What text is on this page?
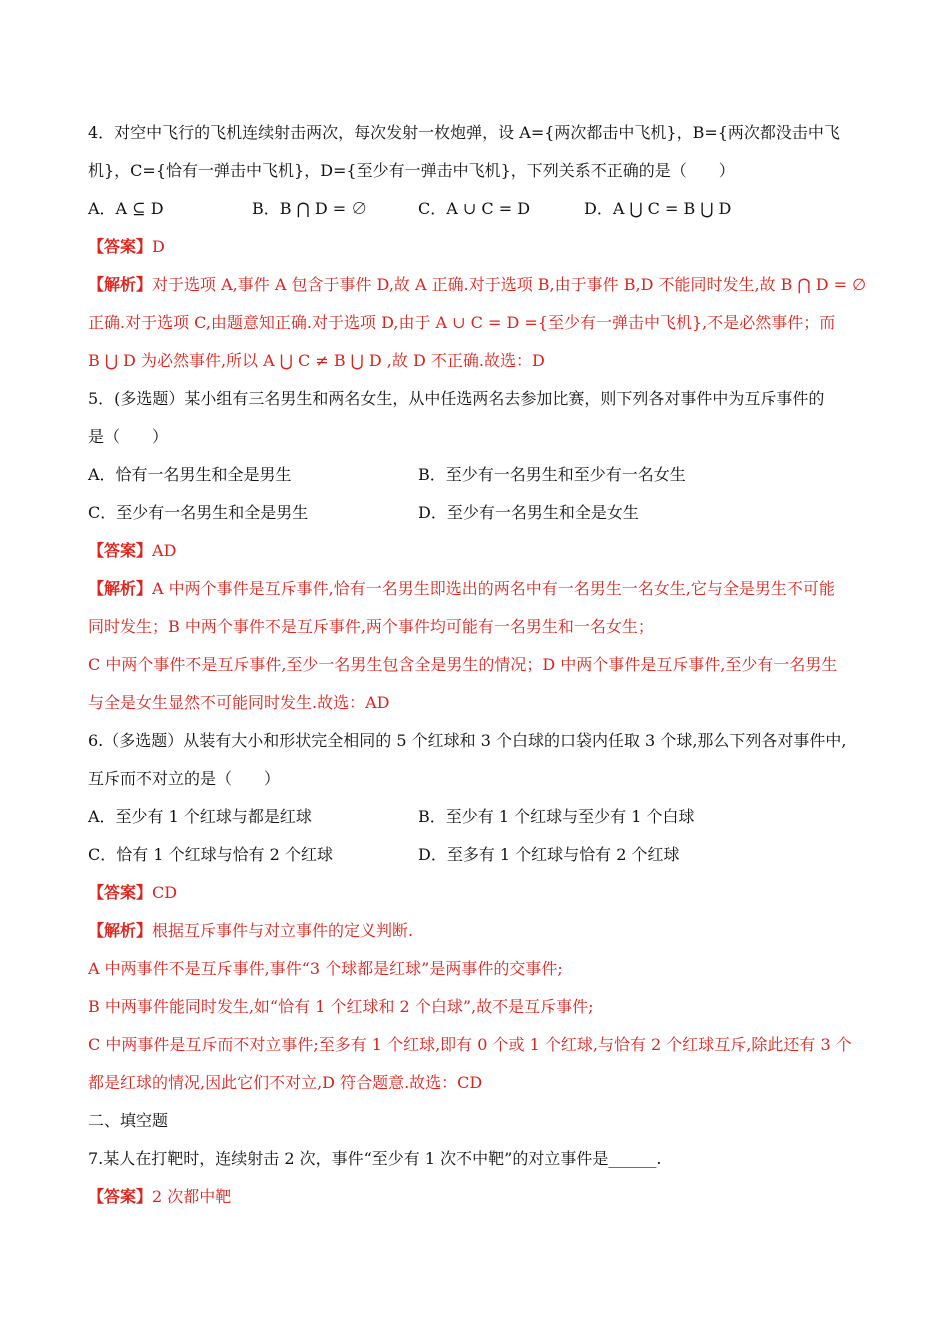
4．对空中飞行的飞机连续射击两次，每次发射一枚炮弹，设 A={两次都击中飞机}，B={两次都没击中飞
机}，C={恰有一弹击中飞机}，D={至少有一弹击中飞机}，下列关系不正确的是（　　）
A．A ⊆ D	B．B ⋂ D = ∅	C．A ∪ C = D	D．A ⋃ C = B ⋃ D
【答案】D
【解析】对于选项 A,事件 A 包含于事件 D,故 A 正确.对于选项 B,由于事件 B,D 不能同时发生,故 B ⋂ D = ∅
正确.对于选项 C,由题意知正确.对于选项 D,由于 A ∪ C = D ={至少有一弹击中飞机},不是必然事件；而
B ⋃ D 为必然事件,所以 A ⋃ C ≠ B ⋃ D ,故 D 不正确.故选：D
5．(多选题）某小组有三名男生和两名女生，从中任选两名去参加比赛，则下列各对事件中为互斥事件的
是（　　）
A．恰有一名男生和全是男生	B．至少有一名男生和至少有一名女生
C．至少有一名男生和全是男生	D．至少有一名男生和全是女生
【答案】AD
【解析】A 中两个事件是互斥事件,恰有一名男生即选出的两名中有一名男生一名女生,它与全是男生不可能
同时发生；B 中两个事件不是互斥事件,两个事件均可能有一名男生和一名女生；
C 中两个事件不是互斥事件,至少一名男生包含全是男生的情况；D 中两个事件是互斥事件,至少有一名男生
与全是女生显然不可能同时发生.故选：AD
6.（多选题）从装有大小和形状完全相同的 5 个红球和 3 个白球的口袋内任取 3 个球,那么下列各对事件中,
互斥而不对立的是（　　）
A．至少有 1 个红球与都是红球	B．至少有 1 个红球与至少有 1 个白球
C．恰有 1 个红球与恰有 2 个红球	D．至多有 1 个红球与恰有 2 个红球
【答案】CD
【解析】根据互斥事件与对立事件的定义判断.
A 中两事件不是互斥事件,事件“3 个球都是红球”是两事件的交事件;
B 中两事件能同时发生,如“恰有 1 个红球和 2 个白球”,故不是互斥事件;
C 中两事件是互斥而不对立事件;至多有 1 个红球,即有 0 个或 1 个红球,与恰有 2 个红球互斥,除此还有 3 个
都是红球的情况,因此它们不对立,D 符合题意.故选：CD
二、填空题
7.某人在打靶时，连续射击 2 次，事件“至少有 1 次不中靶”的对立事件是______.
【答案】2 次都中靶
